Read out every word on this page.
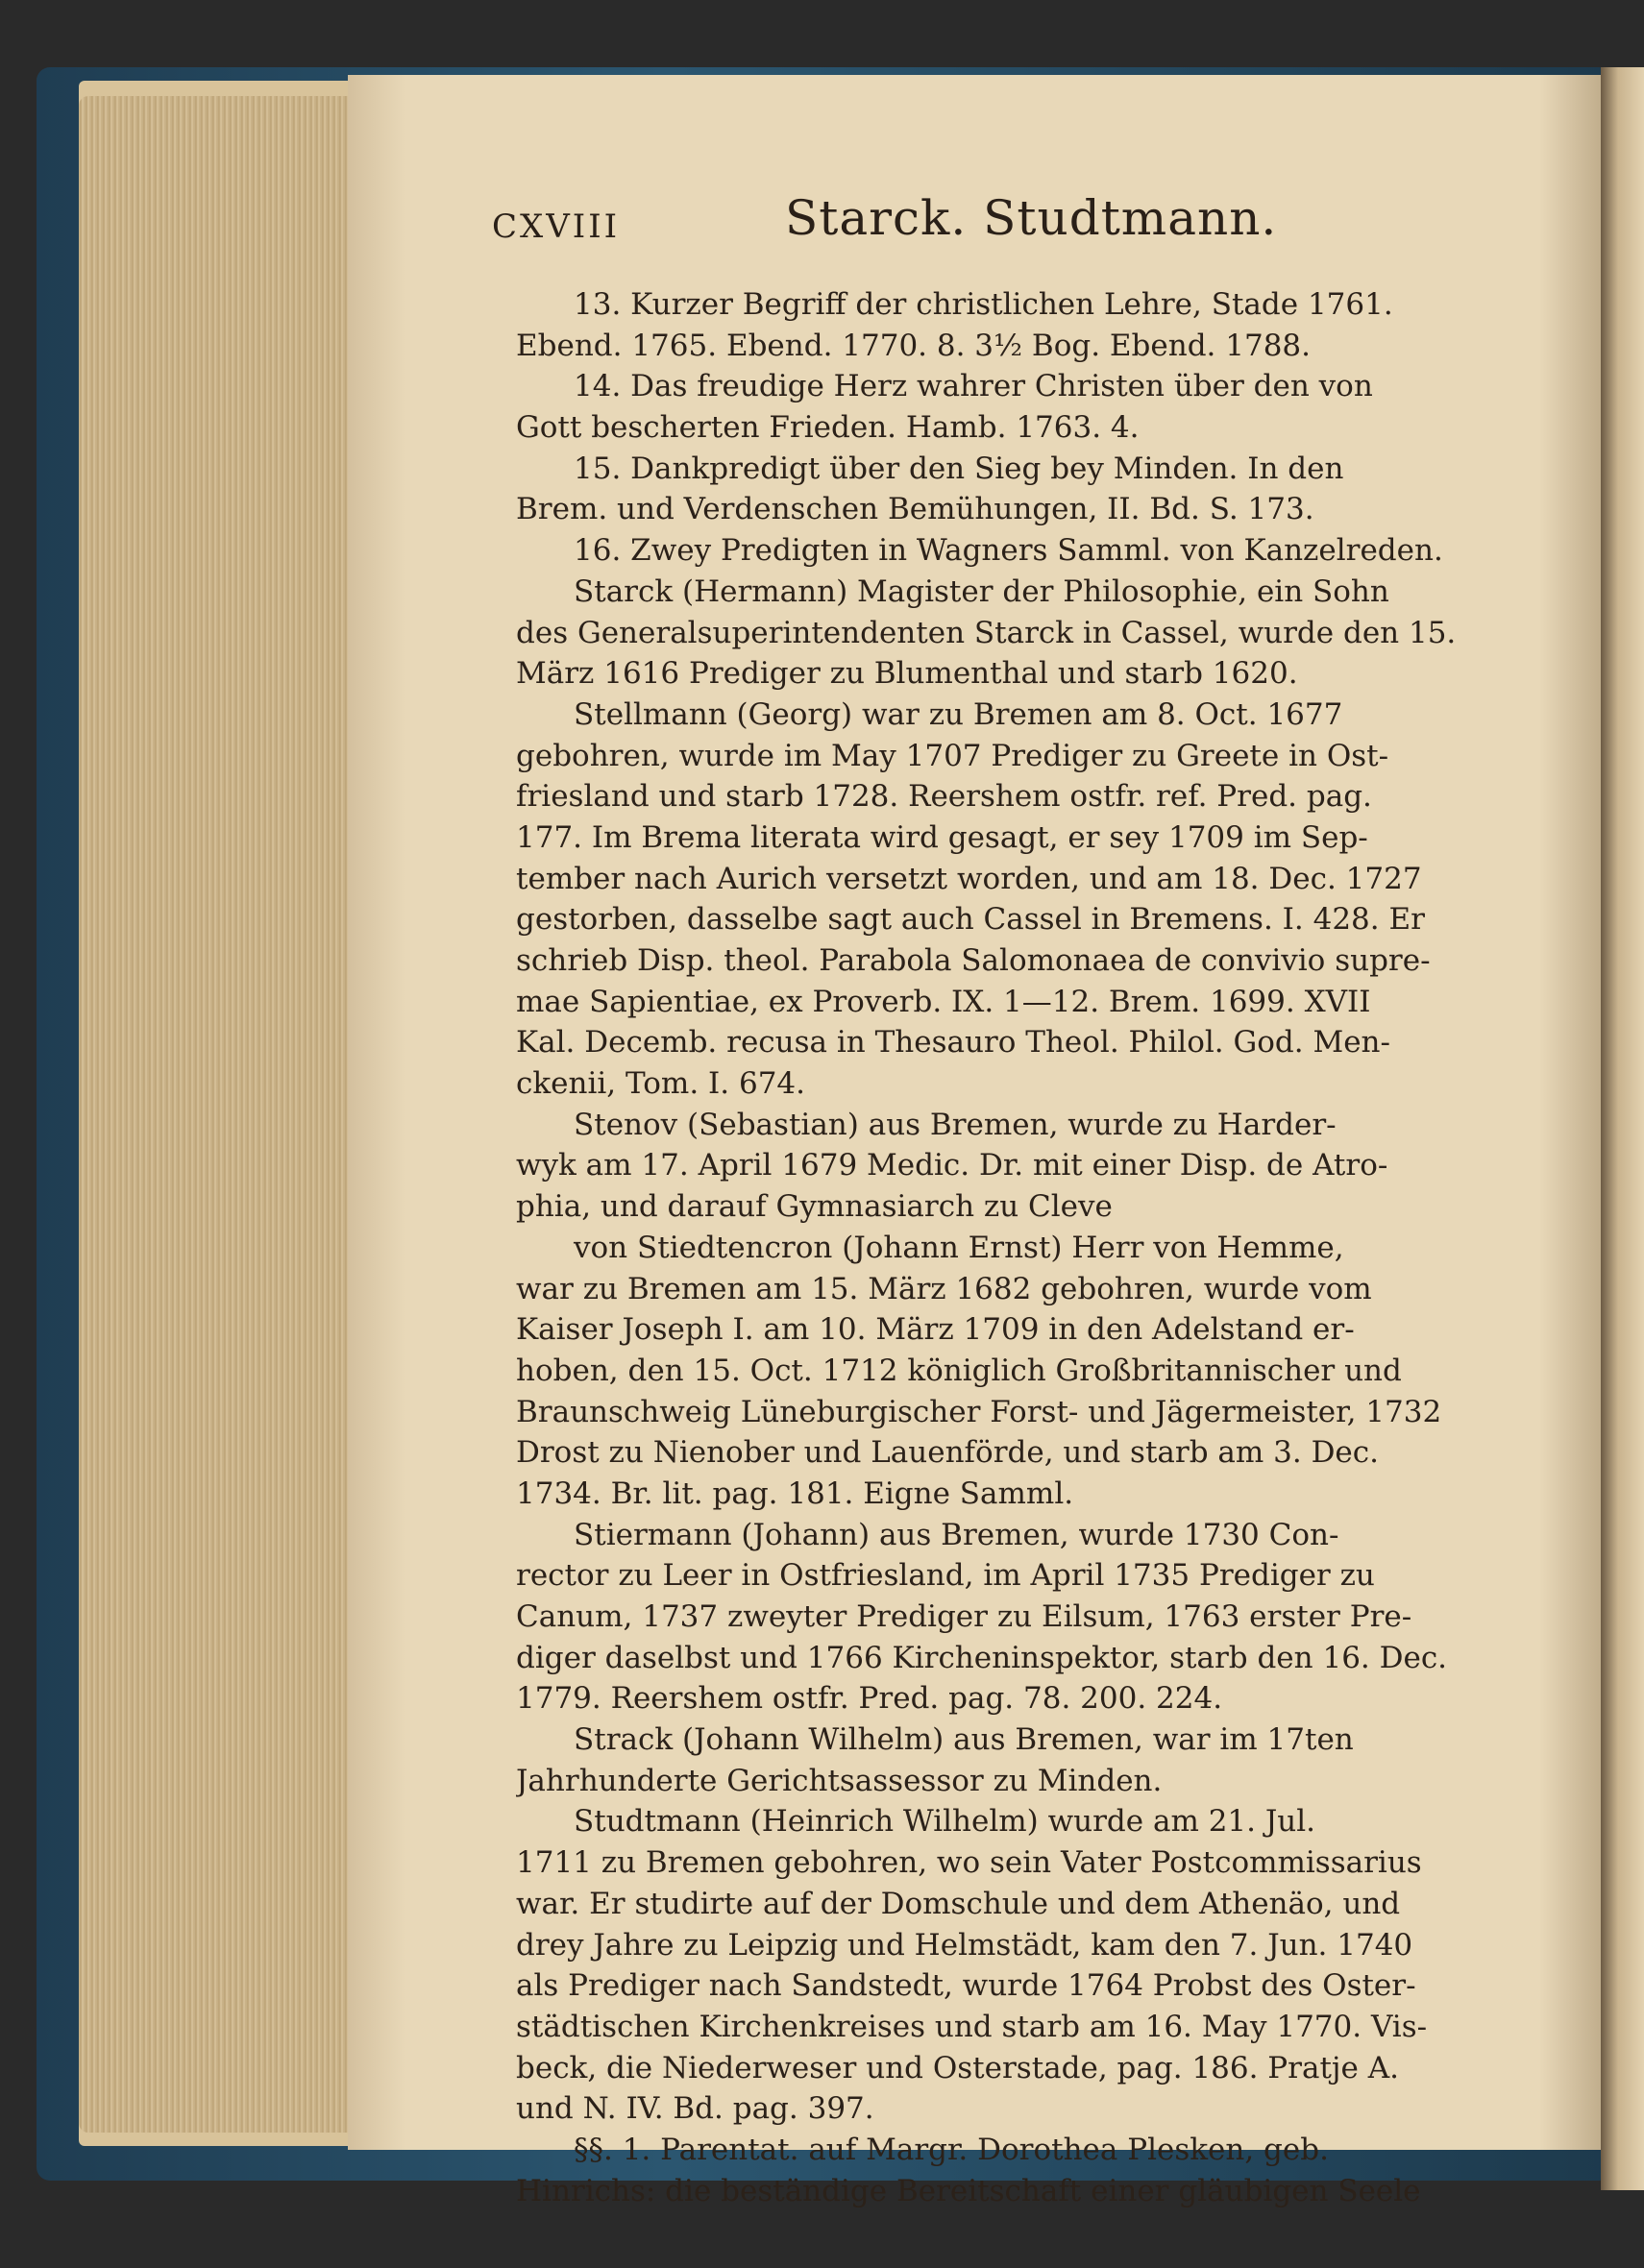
CXVIII	Starck. Studtmann.
13. Kurzer Begriff der christlichen Lehre, Stade 1761.
Ebend. 1765. Ebend. 1770. 8. 3½ Bog. Ebend. 1788.
14. Das freudige Herz wahrer Christen über den von
Gott bescherten Frieden. Hamb. 1763. 4.
15. Dankpredigt über den Sieg bey Minden. In den
Brem. und Verdenschen Bemühungen, II. Bd. S. 173.
16. Zwey Predigten in Wagners Samml. von Kanzelreden.
Starck (Hermann) Magister der Philosophie, ein Sohn
des Generalsuperintendenten Starck in Cassel, wurde den 15.
März 1616 Prediger zu Blumenthal und starb 1620.
Stellmann (Georg) war zu Bremen am 8. Oct. 1677
gebohren, wurde im May 1707 Prediger zu Greete in Ost-
friesland und starb 1728. Reershem ostfr. ref. Pred. pag.
177. Im Brema literata wird gesagt, er sey 1709 im Sep-
tember nach Aurich versetzt worden, und am 18. Dec. 1727
gestorben, dasselbe sagt auch Cassel in Bremens. I. 428. Er
schrieb Disp. theol. Parabola Salomonaea de convivio supre-
mae Sapientiae, ex Proverb. IX. 1—12. Brem. 1699. XVII
Kal. Decemb. recusa in Thesauro Theol. Philol. God. Men-
ckenii, Tom. I. 674.
Stenov (Sebastian) aus Bremen, wurde zu Harder-
wyk am 17. April 1679 Medic. Dr. mit einer Disp. de Atro-
phia, und darauf Gymnasiarch zu Cleve
von Stiedtencron (Johann Ernst) Herr von Hemme,
war zu Bremen am 15. März 1682 gebohren, wurde vom
Kaiser Joseph I. am 10. März 1709 in den Adelstand er-
hoben, den 15. Oct. 1712 königlich Großbritannischer und
Braunschweig Lüneburgischer Forst- und Jägermeister, 1732
Drost zu Nienober und Lauenförde, und starb am 3. Dec.
1734. Br. lit. pag. 181. Eigne Samml.
Stiermann (Johann) aus Bremen, wurde 1730 Con-
rector zu Leer in Ostfriesland, im April 1735 Prediger zu
Canum, 1737 zweyter Prediger zu Eilsum, 1763 erster Pre-
diger daselbst und 1766 Kircheninspektor, starb den 16. Dec.
1779. Reershem ostfr. Pred. pag. 78. 200. 224.
Strack (Johann Wilhelm) aus Bremen, war im 17ten
Jahrhunderte Gerichtsassessor zu Minden.
Studtmann (Heinrich Wilhelm) wurde am 21. Jul.
1711 zu Bremen gebohren, wo sein Vater Postcommissarius
war. Er studirte auf der Domschule und dem Athenäo, und
drey Jahre zu Leipzig und Helmstädt, kam den 7. Jun. 1740
als Prediger nach Sandstedt, wurde 1764 Probst des Oster-
städtischen Kirchenkreises und starb am 16. May 1770. Vis-
beck, die Niederweser und Osterstade, pag. 186. Pratje A.
und N. IV. Bd. pag. 397.
§§. 1. Parentat. auf Margr. Dorothea Plesken, geb.
Hinrichs: die beständige Bereitschaft einer gläubigen Seele
